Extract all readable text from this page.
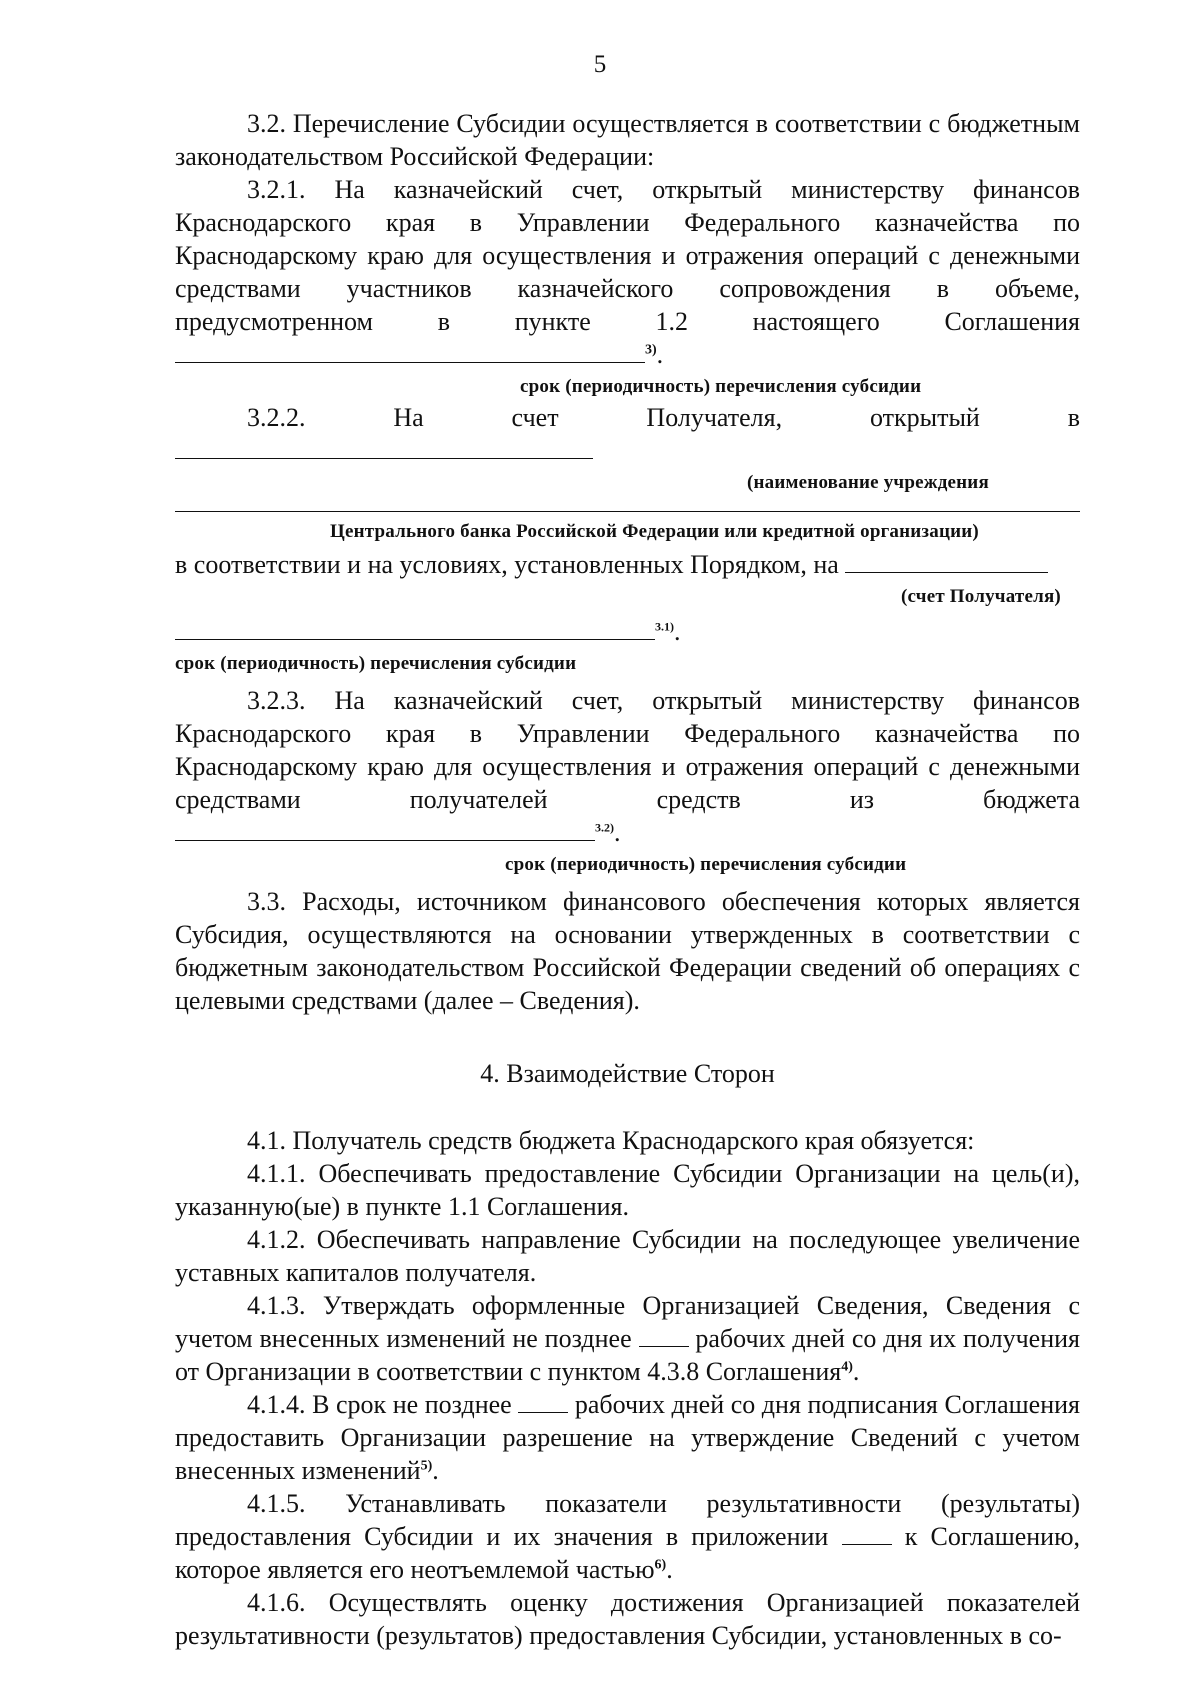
5

3.2. Перечисление Субсидии осуществляется в соответствии с бюджетным законодательством Российской Федерации:

3.2.1. На казначейский счет, открытый министерству финансов Краснодарского края в Управлении Федерального казначейства по Краснодарскому краю для осуществления и отражения операций с денежными средствами участников казначейского сопровождения в объеме, предусмотренном в пункте 1.2 настоящего Соглашения $^{3)}$.

срок (периодичность) перечисления субсидии

3.2.2. На счет Получателя, открытый в

(наименование учреждения
Центрального банка Российской Федерации или кредитной организации)

в соответствии и на условиях, установленных Порядком, на

(счет Получателя)

$^{3.1)}$.

срок (периодичность) перечисления субсидии

3.2.3. На казначейский счет, открытый министерству финансов Краснодарского края в Управлении Федерального казначейства по Краснодарскому краю для осуществления и отражения операций с денежными средствами получателей средств из бюджета $^{3.2)}$.

срок (периодичность) перечисления субсидии

3.3. Расходы, источником финансового обеспечения которых является Субсидия, осуществляются на основании утвержденных в соответствии с бюджетным законодательством Российской Федерации сведений об операциях с целевыми средствами (далее – Сведения).

4. Взаимодействие Сторон

4.1. Получатель средств бюджета Краснодарского края обязуется:

4.1.1. Обеспечивать предоставление Субсидии Организации на цель(и), указанную(ые) в пункте 1.1 Соглашения.

4.1.2. Обеспечивать направление Субсидии на последующее увеличение уставных капиталов получателя.

4.1.3. Утверждать оформленные Организацией Сведения, Сведения с учетом внесенных изменений не позднее рабочих дней со дня их получения от Организации в соответствии с пунктом 4.3.8 Соглашения$^{4)}$.

4.1.4. В срок не позднее рабочих дней со дня подписания Соглашения предоставить Организации разрешение на утверждение Сведений с учетом внесенных изменений$^{5)}$.

4.1.5. Устанавливать показатели результативности (результаты) предоставления Субсидии и их значения в приложении	к Соглашению, которое является его неотъемлемой частью$^{6)}$.

4.1.6. Осуществлять оценку достижения Организацией показателей результативности (результатов) предоставления Субсидии, установленных в со-
